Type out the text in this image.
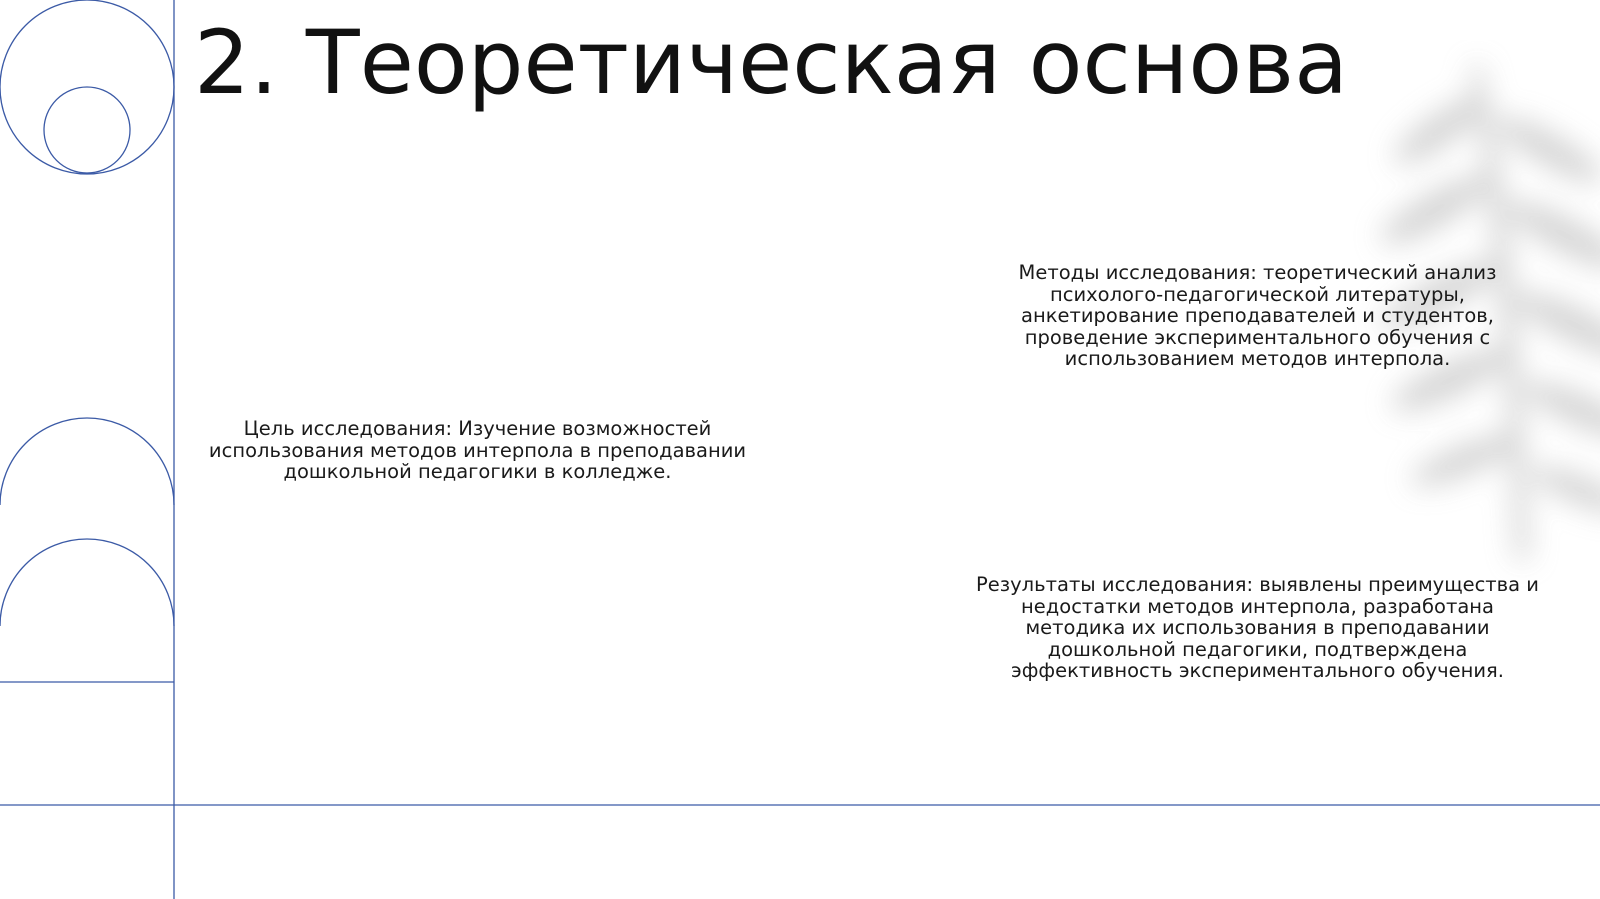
2. Теоретическая основа

Цель исследования: Изучение возможностей использования методов интерпола в преподавании дошкольной педагогики в колледже.

Методы исследования: теоретический анализ психолого-педагогической литературы, анкетирование преподавателей и студентов, проведение экспериментального обучения с использованием методов интерпола.

Результаты исследования: выявлены преимущества и недостатки методов интерпола, разработана методика их использования в преподавании дошкольной педагогики, подтверждена эффективность экспериментального обучения.
